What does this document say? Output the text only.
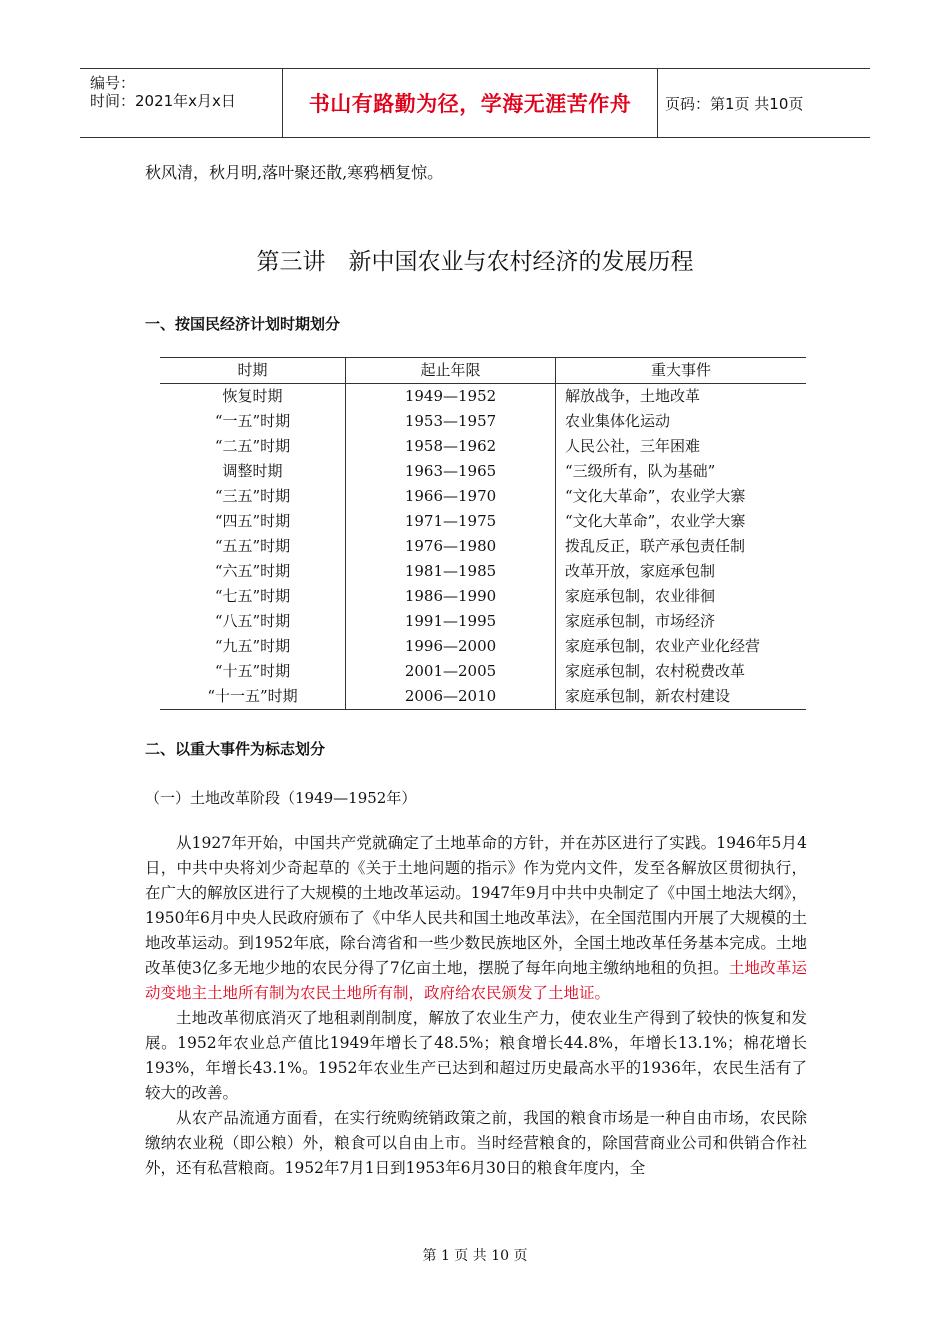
编号：
时间：2021年x月x日	书山有路勤为径，学海无涯苦作舟	页码：第1页 共10页
秋风清，秋月明,落叶聚还散,寒鸦栖复惊。
第三讲　新中国农业与农村经济的发展历程
一、按国民经济计划时期划分
时期	起止年限	重大事件
恢复时期	1949—1952	解放战争，土地改革
“一五”时期	1953—1957	农业集体化运动
“二五”时期	1958—1962	人民公社，三年困难
调整时期	1963—1965	“三级所有，队为基础”
“三五”时期	1966—1970	“文化大革命”，农业学大寨
“四五”时期	1971—1975	“文化大革命”，农业学大寨
“五五”时期	1976—1980	拨乱反正，联产承包责任制
“六五”时期	1981—1985	改革开放，家庭承包制
“七五”时期	1986—1990	家庭承包制，农业徘徊
“八五”时期	1991—1995	家庭承包制，市场经济
“九五”时期	1996—2000	家庭承包制，农业产业化经营
“十五”时期	2001—2005	家庭承包制，农村税费改革
“十一五”时期	2006—2010	家庭承包制，新农村建设
二、以重大事件为标志划分
（一）土地改革阶段（1949—1952年）

从1927年开始，中国共产党就确定了土地革命的方针，并在苏区进行了实践。1946年5月4日，中共中央将刘少奇起草的《关于土地问题的指示》作为党内文件，发至各解放区贯彻执行，在广大的解放区进行了大规模的土地改革运动。1947年9月中共中央制定了《中国土地法大纲》，1950年6月中央人民政府颁布了《中华人民共和国土地改革法》，在全国范围内开展了大规模的土地改革运动。到1952年底，除台湾省和一些少数民族地区外，全国土地改革任务基本完成。土地改革使3亿多无地少地的农民分得了7亿亩土地，摆脱了每年向地主缴纳地租的负担。土地改革运动变地主土地所有制为农民土地所有制，政府给农民颁发了土地证。

土地改革彻底消灭了地租剥削制度，解放了农业生产力，使农业生产得到了较快的恢复和发展。1952年农业总产值比1949年增长了48.5%；粮食增长44.8%，年增长13.1%；棉花增长193%，年增长43.1%。1952年农业生产已达到和超过历史最高水平的1936年，农民生活有了较大的改善。

从农产品流通方面看，在实行统购统销政策之前，我国的粮食市场是一种自由市场，农民除缴纳农业税（即公粮）外，粮食可以自由上市。当时经营粮食的，除国营商业公司和供销合作社外，还有私营粮商。1952年7月1日到1953年6月30日的粮食年度内，全

第 1 页 共 10 页
